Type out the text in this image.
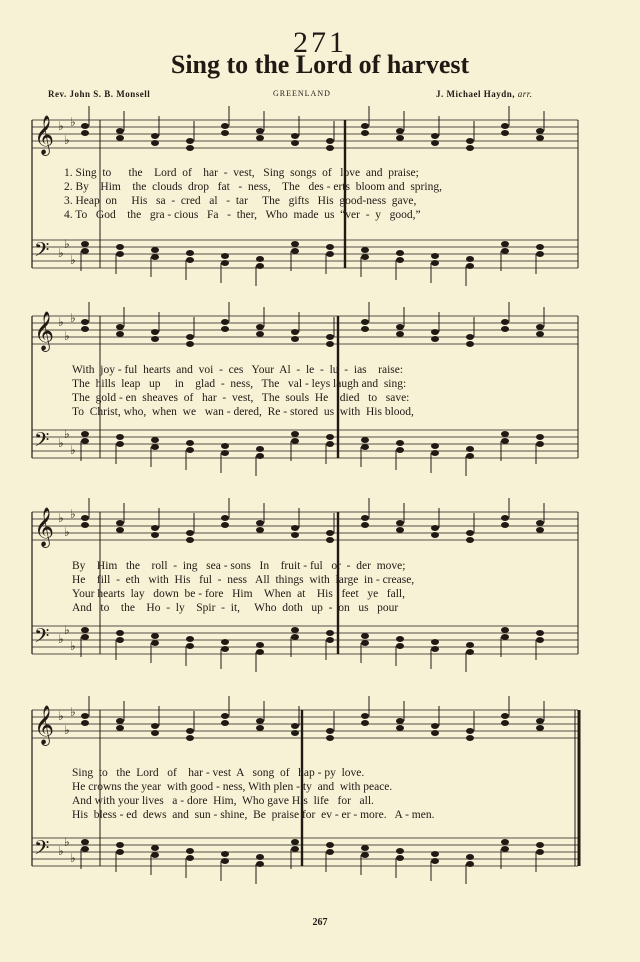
271
Sing to the Lord of harvest
Rev. John S. B. Monsell	GREENLAND	J. Michael Haydn, arr.
𝄞 ♭
♭
♭
𝄢 ♭
♭
♭
𝄞 ♭
♭
♭
𝄢 ♭
♭
♭
𝄞 ♭
♭
♭
𝄢 ♭
♭
♭
𝄞 ♭
♭
♭
𝄢 ♭
♭
♭
1. Sing  to      the    Lord  of    har  -  vest,   Sing  songs  of   love  and  praise;
2. By    Him    the  clouds  drop   fat   -  ness,    The   des - erts  bloom and  spring,
3. Heap  on     His   sa  -  cred   al   -  tar     The   gifts   His  good-ness  gave,
4. To   God    the   gra - cious   Fa   -  ther,   Who  made  us  “ver  -  y   good,”
With  joy - ful  hearts  and  voi  -  ces   Your  Al  -  le  -  lu  -  ias    raise:
The  hills  leap   up     in    glad  -  ness,   The   val - leys laugh and  sing:
The  gold - en  sheaves  of   har  -  vest,   The  souls  He    died   to   save:
To  Christ, who,  when  we   wan - dered,  Re - stored  us  with  His blood,
By    Him   the    roll  -  ing   sea - sons   In    fruit - ful   or  -  der  move;
He    fill  -  eth   with  His   ful  -  ness   All  things  with  large  in - crease,
Your hearts  lay   down  be - fore   Him    When  at    His   feet   ye   fall,
And   to    the    Ho  -  ly    Spir  -  it,     Who  doth   up  -  on   us   pour
Sing  to   the  Lord   of    har - vest  A   song  of   hap - py  love.
He crowns the year  with good - ness, With plen - ty  and  with peace.
And with your lives   a - dore  Him,  Who gave His  life   for   all.
His  bless - ed  dews  and  sun - shine,  Be  praise for  ev - er - more.   A - men.
267
